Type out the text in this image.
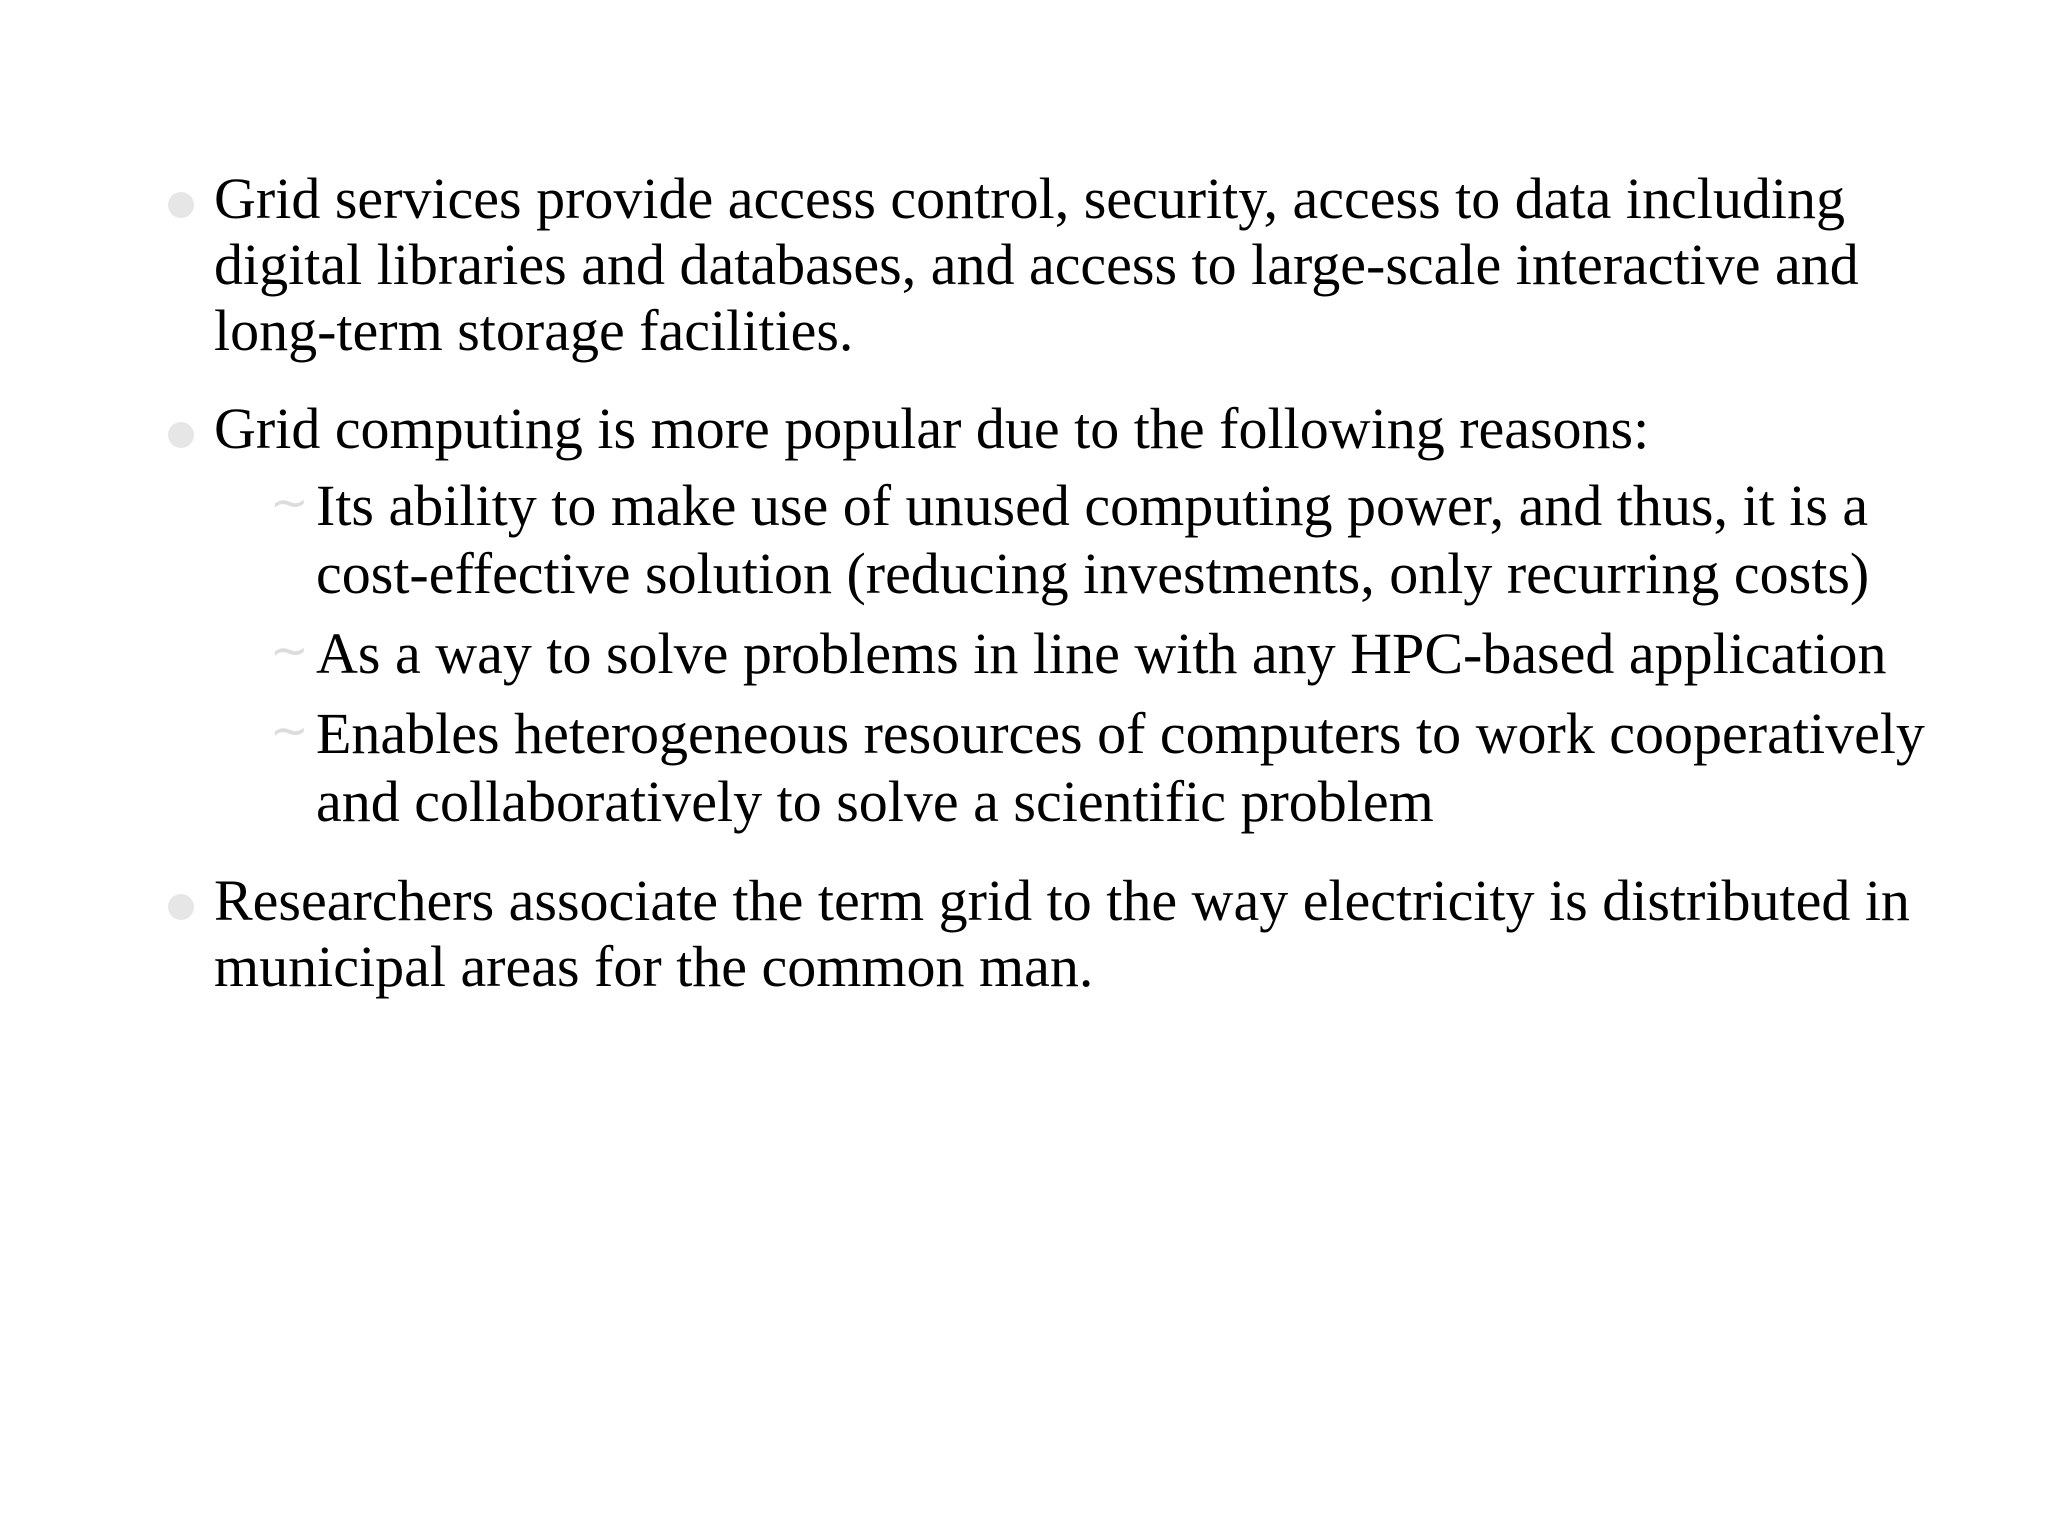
Grid services provide access control, security, access to data including digital libraries and databases, and access to large-scale interactive and long-term storage facilities.
Grid computing is more popular due to the following reasons:
~ Its ability to make use of unused computing power, and thus, it is a cost-effective solution (reducing investments, only recurring costs)
~ As a way to solve problems in line with any HPC-based application
~ Enables heterogeneous resources of computers to work cooperatively and collaboratively to solve a scientific problem
Researchers associate the term grid to the way electricity is distributed in municipal areas for the common man.
